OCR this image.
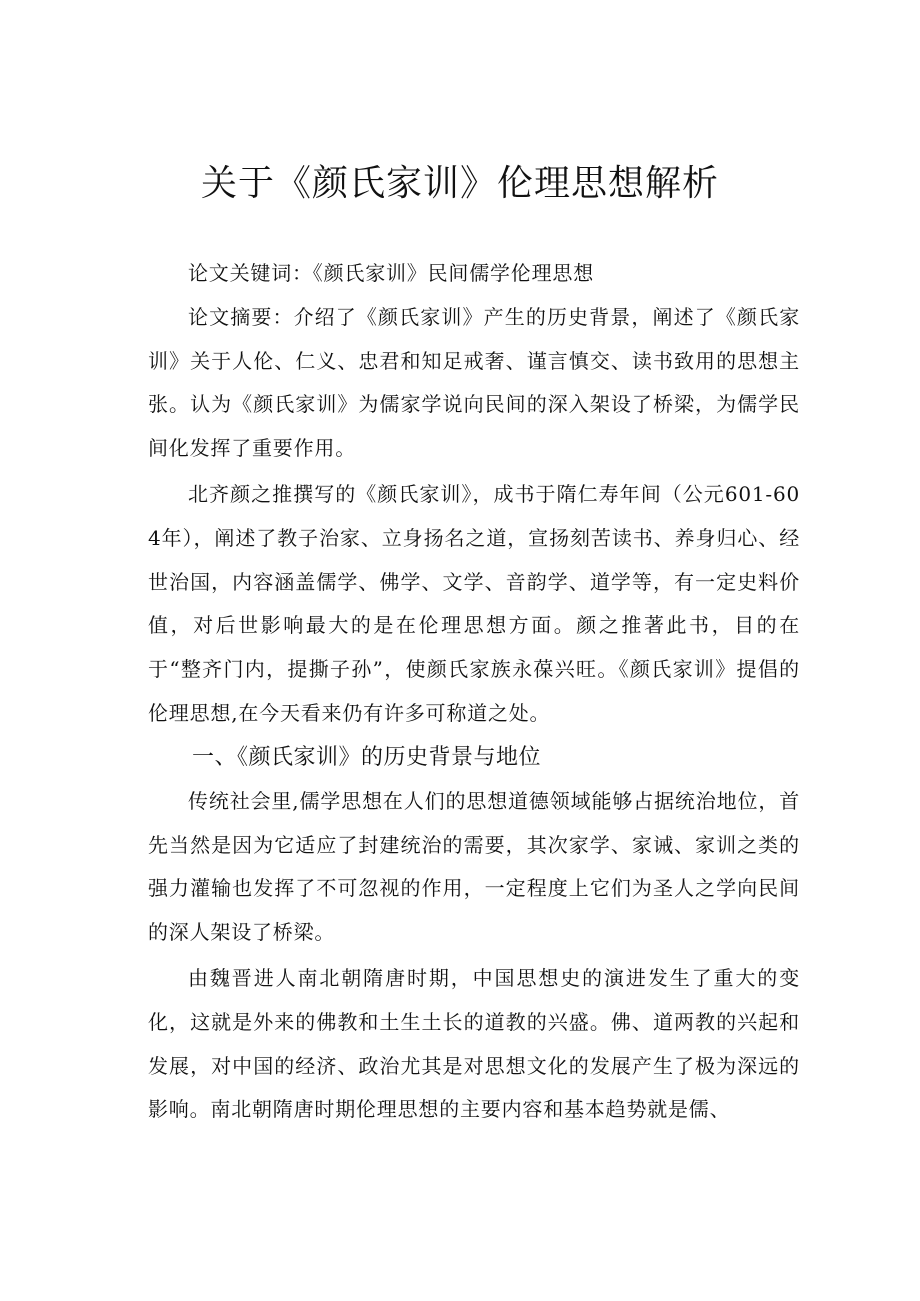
关于《颜氏家训》伦理思想解析

论文关键词：《颜氏家训》民间儒学伦理思想

论文摘要：介绍了《颜氏家训》产生的历史背景，阐述了《颜氏家训》关于人伦、仁义、忠君和知足戒奢、谨言慎交、读书致用的思想主张。认为《颜氏家训》为儒家学说向民间的深入架设了桥梁，为儒学民间化发挥了重要作用。

北齐颜之推撰写的《颜氏家训》，成书于隋仁寿年间（公元601-604年），阐述了教子治家、立身扬名之道，宣扬刻苦读书、养身归心、经世治国，内容涵盖儒学、佛学、文学、音韵学、道学等，有一定史料价值，对后世影响最大的是在伦理思想方面。颜之推著此书，目的在于“整齐门内，提撕子孙”，使颜氏家族永葆兴旺。《颜氏家训》提倡的伦理思想,在今天看来仍有许多可称道之处。

一、《颜氏家训》的历史背景与地位

传统社会里,儒学思想在人们的思想道德领域能够占据统治地位，首先当然是因为它适应了封建统治的需要，其次家学、家诫、家训之类的强力灌输也发挥了不可忽视的作用，一定程度上它们为圣人之学向民间的深人架设了桥梁。

由魏晋进人南北朝隋唐时期，中国思想史的演进发生了重大的变化，这就是外来的佛教和土生土长的道教的兴盛。佛、道两教的兴起和发展，对中国的经济、政治尤其是对思想文化的发展产生了极为深远的影响。南北朝隋唐时期伦理思想的主要内容和基本趋势就是儒、
